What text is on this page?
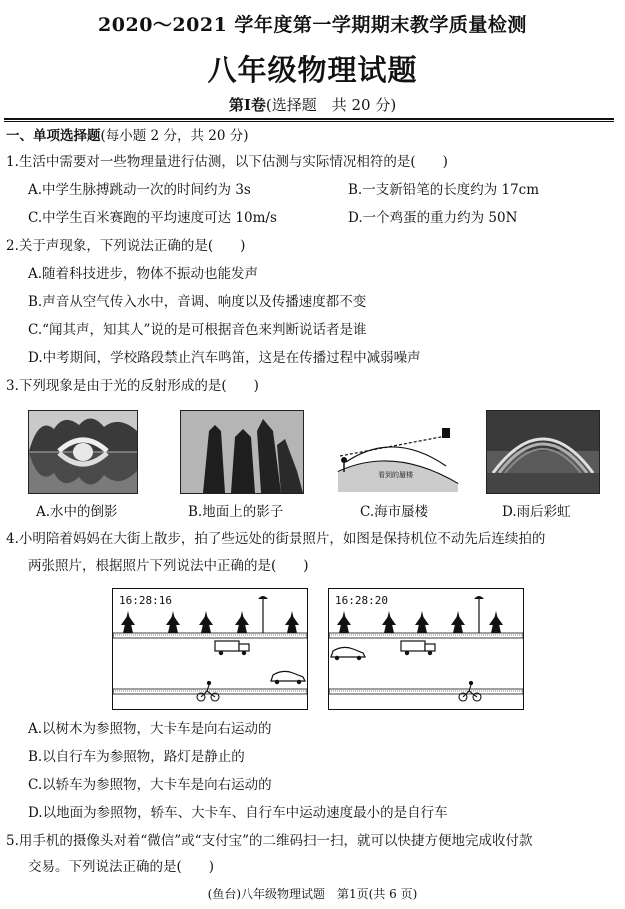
2020～2021 学年度第一学期期末教学质量检测
八年级物理试题
第Ⅰ卷(选择题　共 20 分)
一、单项选择题(每小题 2 分，共 20 分)
1.生活中需要对一些物理量进行估测，以下估测与实际情况相符的是(　　)
A.中学生脉搏跳动一次的时间约为 3s	B.一支新铅笔的长度约为 17cm
C.中学生百米赛跑的平均速度可达 10m/s	D.一个鸡蛋的重力约为 50N
2.关于声现象，下列说法正确的是(　　)
A.随着科技进步，物体不振动也能发声
B.声音从空气传入水中，音调、响度以及传播速度都不变
C.“闻其声，知其人”说的是可根据音色来判断说话者是谁
D.中考期间，学校路段禁止汽车鸣笛，这是在传播过程中减弱噪声
3.下列现象是由于光的反射形成的是(　　)
看到的蜃楼
A.水中的倒影	B.地面上的影子	C.海市蜃楼	D.雨后彩虹
4.小明陪着妈妈在大街上散步，拍了些远处的街景照片，如图是保持机位不动先后连续拍的
两张照片，根据照片下列说法中正确的是(　　)
16:28:16	16:28:20
A.以树木为参照物，大卡车是向右运动的
B.以自行车为参照物，路灯是静止的
C.以轿车为参照物，大卡车是向右运动的
D.以地面为参照物，轿车、大卡车、自行车中运动速度最小的是自行车
5.用手机的摄像头对着“微信”或“支付宝”的二维码扫一扫，就可以快捷方便地完成收付款
交易。下列说法正确的是(　　)
(鱼台)八年级物理试题　第1页(共 6 页)
